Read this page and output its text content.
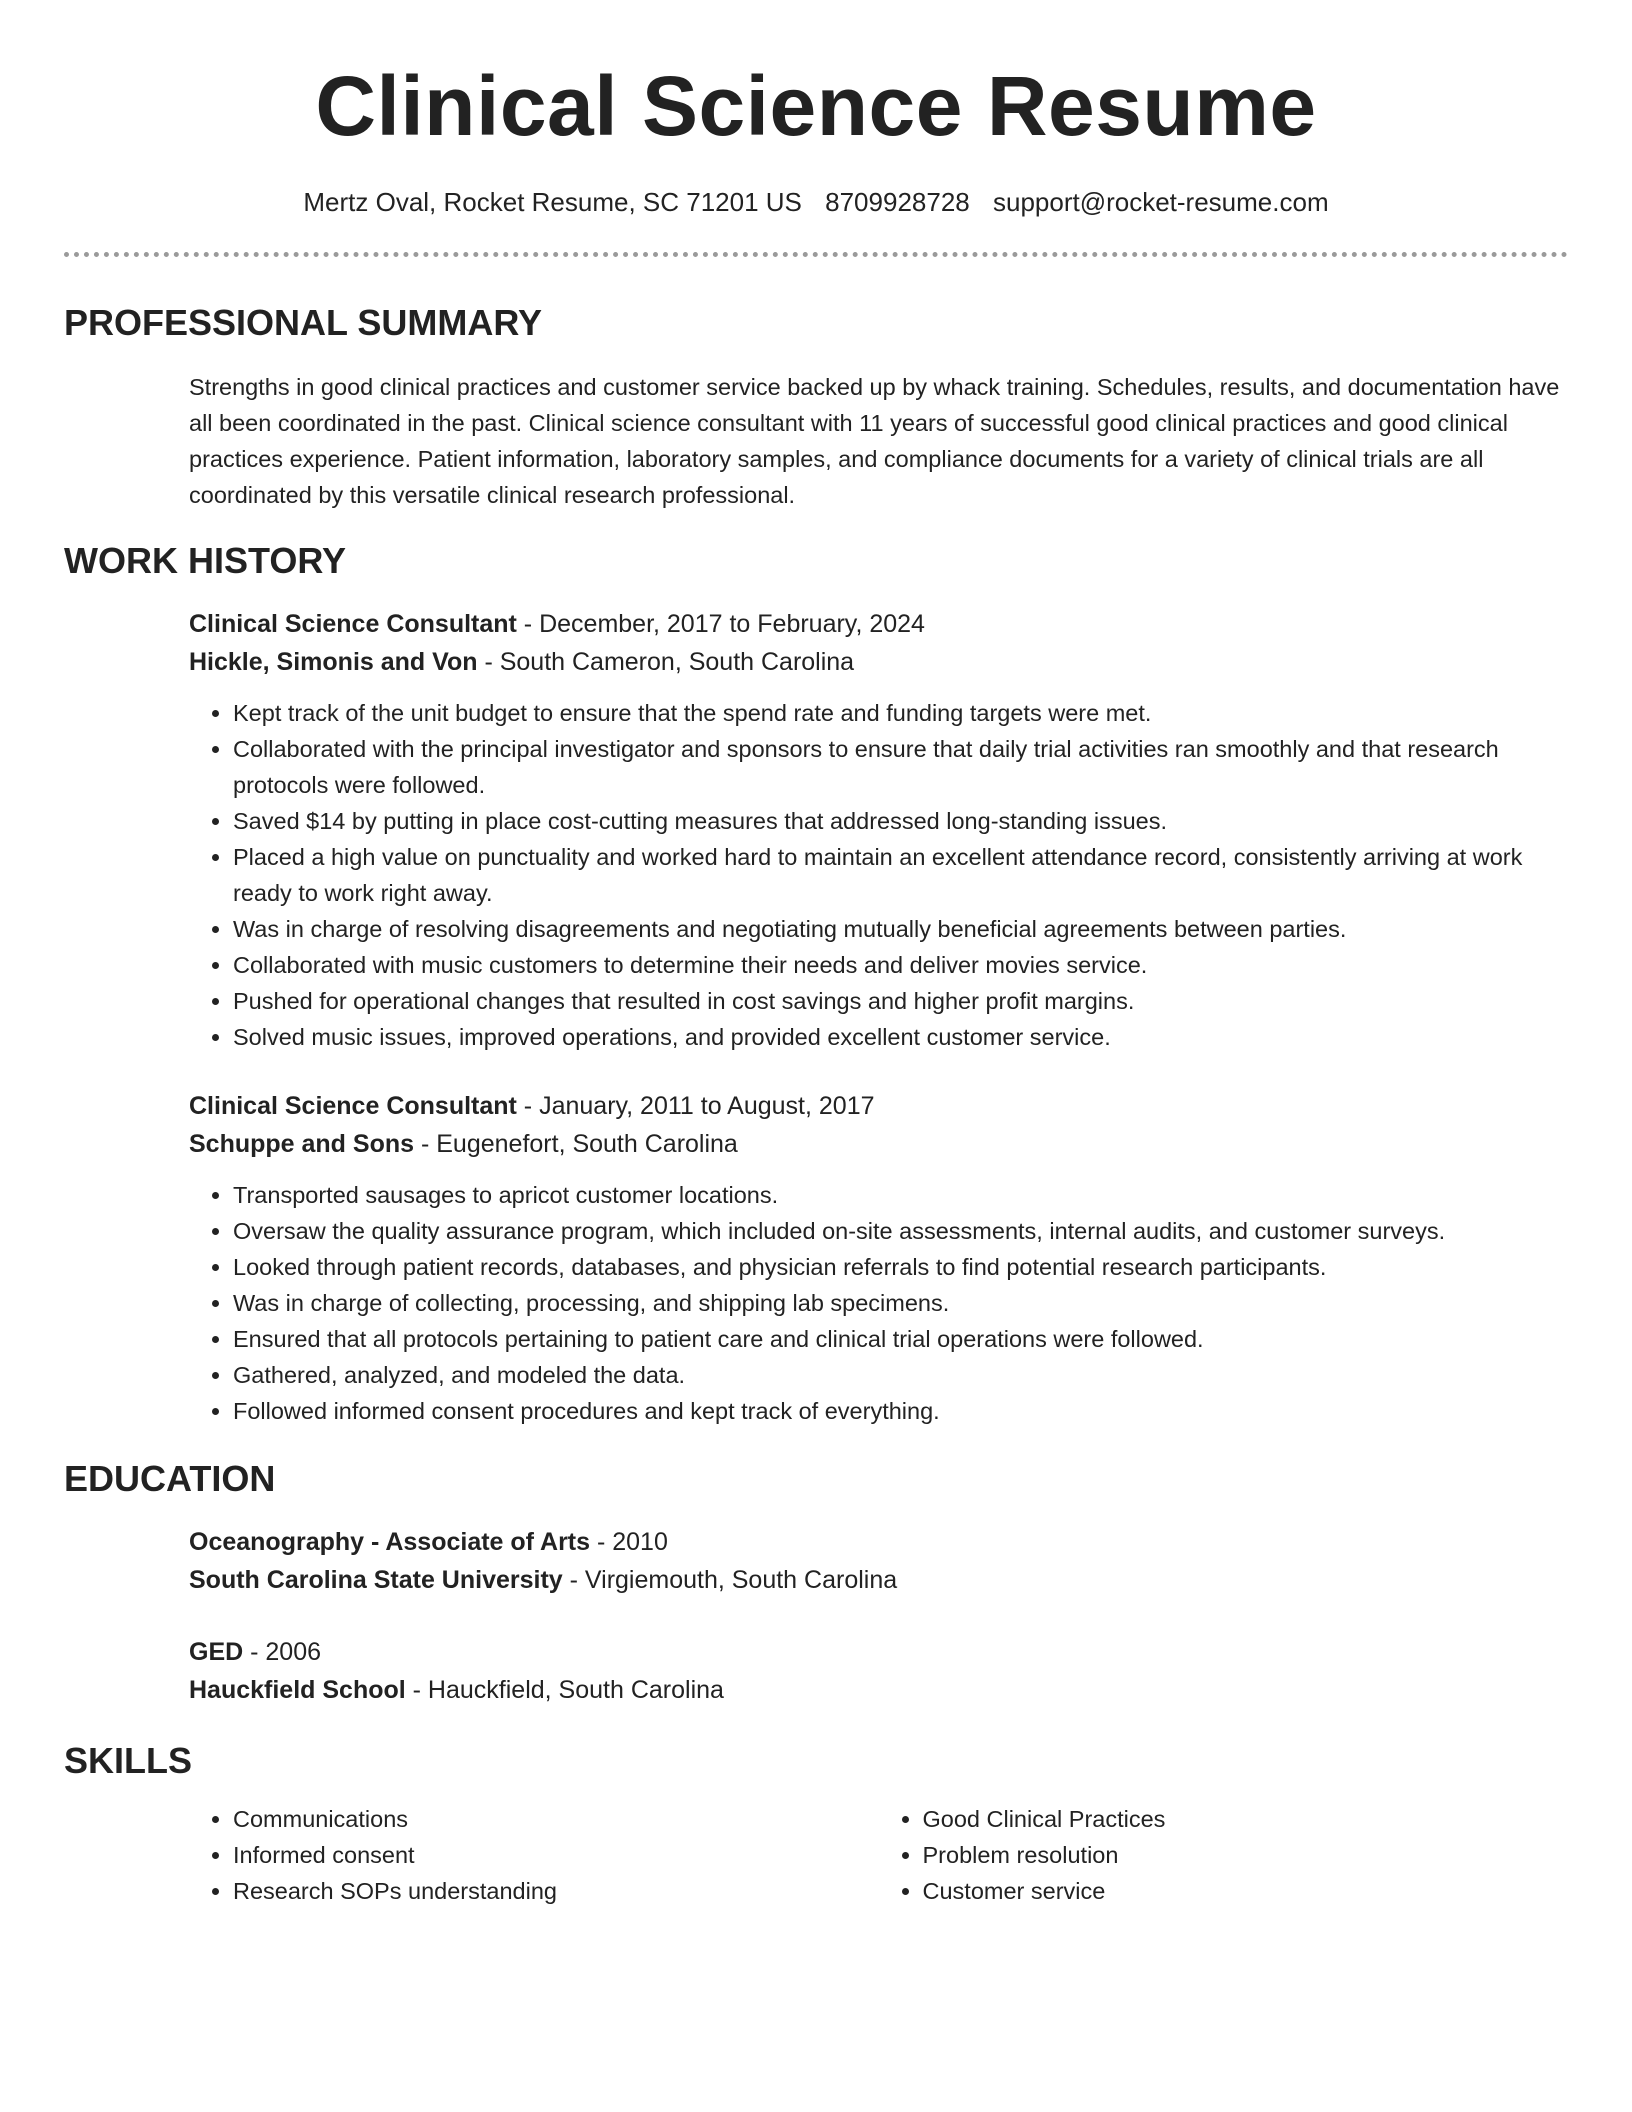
Clinical Science Resume
Mertz Oval, Rocket Resume, SC 71201 US 8709928728 support@rocket-resume.com
PROFESSIONAL SUMMARY

Strengths in good clinical practices and customer service backed up by whack training. Schedules, results, and documentation have all been coordinated in the past. Clinical science consultant with 11 years of successful good clinical practices and good clinical practices experience. Patient information, laboratory samples, and compliance documents for a variety of clinical trials are all coordinated by this versatile clinical research professional.

WORK HISTORY
Clinical Science Consultant - December, 2017 to February, 2024
Hickle, Simonis and Von - South Cameron, South Carolina
• Kept track of the unit budget to ensure that the spend rate and funding targets were met.
• Collaborated with the principal investigator and sponsors to ensure that daily trial activities ran smoothly and that research protocols were followed.
• Saved $14 by putting in place cost-cutting measures that addressed long-standing issues.
• Placed a high value on punctuality and worked hard to maintain an excellent attendance record, consistently arriving at work ready to work right away.
• Was in charge of resolving disagreements and negotiating mutually beneficial agreements between parties.
• Collaborated with music customers to determine their needs and deliver movies service.
• Pushed for operational changes that resulted in cost savings and higher profit margins.
• Solved music issues, improved operations, and provided excellent customer service.
Clinical Science Consultant - January, 2011 to August, 2017
Schuppe and Sons - Eugenefort, South Carolina
• Transported sausages to apricot customer locations.
• Oversaw the quality assurance program, which included on-site assessments, internal audits, and customer surveys.
• Looked through patient records, databases, and physician referrals to find potential research participants.
• Was in charge of collecting, processing, and shipping lab specimens.
• Ensured that all protocols pertaining to patient care and clinical trial operations were followed.
• Gathered, analyzed, and modeled the data.
• Followed informed consent procedures and kept track of everything.
EDUCATION
Oceanography - Associate of Arts - 2010
South Carolina State University - Virgiemouth, South Carolina
GED - 2006
Hauckfield School - Hauckfield, South Carolina
SKILLS
• Communications
• Informed consent
• Research SOPs understanding
• Good Clinical Practices
• Problem resolution
• Customer service
